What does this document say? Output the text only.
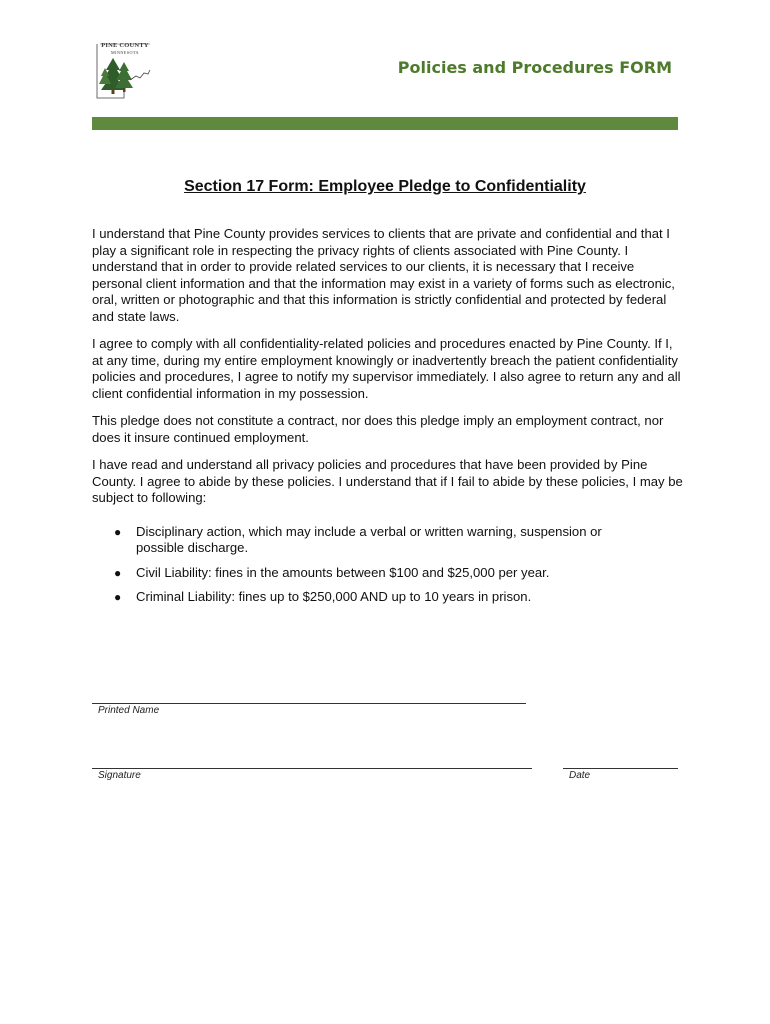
PINE COUNTY
MINNESOTA
Policies and Procedures FORM
Section 17 Form: Employee Pledge to Confidentiality

I understand that Pine County provides services to clients that are private and confidential and that I play a significant role in respecting the privacy rights of clients associated with Pine County. I understand that in order to provide related services to our clients, it is necessary that I receive personal client information and that the information may exist in a variety of forms such as electronic, oral, written or photographic and that this information is strictly confidential and protected by federal and state laws.

I agree to comply with all confidentiality-related policies and procedures enacted by Pine County. If I, at any time, during my entire employment knowingly or inadvertently breach the patient confidentiality policies and procedures, I agree to notify my supervisor immediately. I also agree to return any and all client confidential information in my possession.

This pledge does not constitute a contract, nor does this pledge imply an employment contract, nor does it insure continued employment.

I have read and understand all privacy policies and procedures that have been provided by Pine County. I agree to abide by these policies. I understand that if I fail to abide by these policies, I may be subject to following:

● Disciplinary action, which may include a verbal or written warning, suspension or possible discharge.
● Civil Liability: fines in the amounts between $100 and $25,000 per year.
● Criminal Liability: fines up to $250,000 AND up to 10 years in prison.
Printed Name
Signature	Date
